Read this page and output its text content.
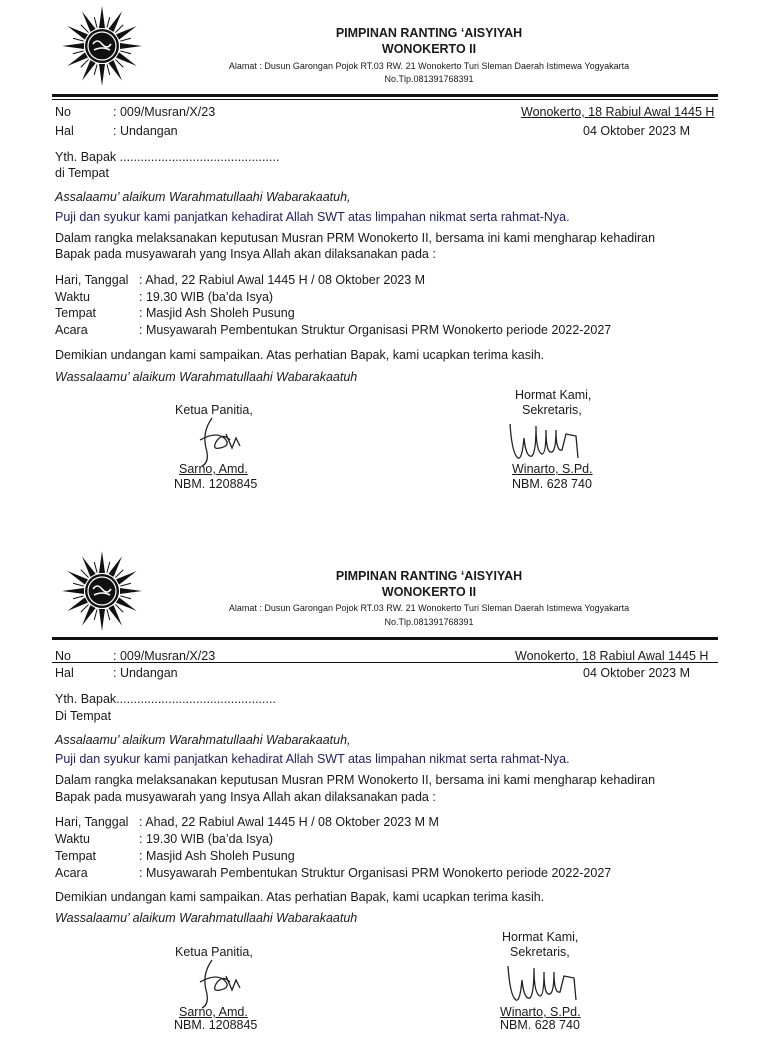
PIMPINAN RANTING ‘AISYIYAH
WONOKERTO II
Alamat : Dusun Garongan Pojok RT.03 RW. 21 Wonokerto Turi Sleman Daerah Istimewa Yogyakarta
No.Tlp.081391768391
No	: 009/Musran/X/23
Hal	: Undangan
Wonokerto, 18 Rabiul Awal 1445 H
04 Oktober 2023 M
Yth. Bapak ..............................................
di Tempat
Assalaamu’ alaikum Warahmatullaahi Wabarakaatuh,
Puji dan syukur kami panjatkan kehadirat Allah SWT atas limpahan nikmat serta rahmat-Nya.
Dalam rangka melaksanakan keputusan Musran PRM Wonokerto II, bersama ini kami mengharap kehadiran
Bapak pada musyawarah yang Insya Allah akan dilaksanakan pada :
Hari, Tanggal : Ahad, 22 Rabiul Awal 1445 H / 08 Oktober 2023 M
Waktu	: 19.30 WIB (ba’da Isya)
Tempat	: Masjid Ash Sholeh Pusung
Acara	: Musyawarah Pembentukan Struktur Organisasi PRM Wonokerto periode 2022-2027
Demikian undangan kami sampaikan. Atas perhatian Bapak, kami ucapkan terima kasih.
Wassalaamu’ alaikum Warahmatullaahi Wabarakaatuh
Hormat Kami,
Ketua Panitia,	Sekretaris,
Sarno, Amd.	Winarto, S.Pd.
NBM. 1208845	NBM. 628 740
PIMPINAN RANTING ‘AISYIYAH
WONOKERTO II
Alamat : Dusun Garongan Pojok RT.03 RW. 21 Wonokerto Turi Sleman Daerah Istimewa Yogyakarta
No.Tlp.081391768391
No	: 009/Musran/X/23
Hal	: Undangan
Wonokerto, 18 Rabiul Awal 1445 H
04 Oktober 2023 M
Yth. Bapak..............................................
Di Tempat
Assalaamu’ alaikum Warahmatullaahi Wabarakaatuh,
Puji dan syukur kami panjatkan kehadirat Allah SWT atas limpahan nikmat serta rahmat-Nya.
Dalam rangka melaksanakan keputusan Musran PRM Wonokerto II, bersama ini kami mengharap kehadiran
Bapak pada musyawarah yang Insya Allah akan dilaksanakan pada :
Hari, Tanggal : Ahad, 22 Rabiul Awal 1445 H / 08 Oktober 2023 M M
Waktu	: 19.30 WIB (ba’da Isya)
Tempat	: Masjid Ash Sholeh Pusung
Acara	: Musyawarah Pembentukan Struktur Organisasi PRM Wonokerto periode 2022-2027
Demikian undangan kami sampaikan. Atas perhatian Bapak, kami ucapkan terima kasih.
Wassalaamu’ alaikum Warahmatullaahi Wabarakaatuh
Hormat Kami,
Ketua Panitia,	Sekretaris,
Sarno, Amd.	Winarto, S.Pd.
NBM. 1208845	NBM. 628 740
